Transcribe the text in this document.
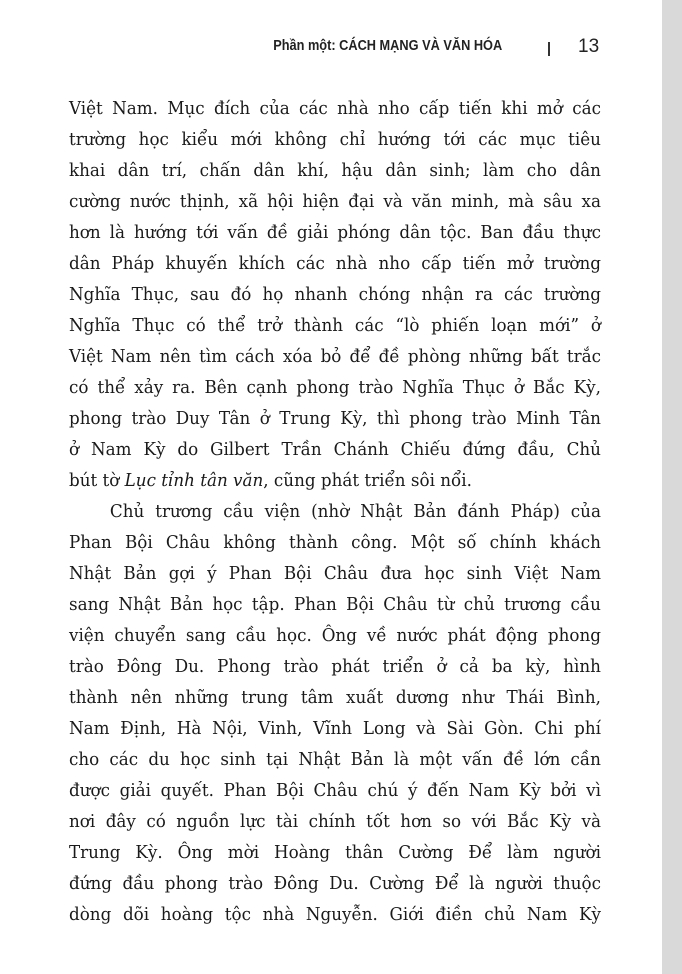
Phần một: CÁCH MẠNG VÀ VĂN HÓA	13
Việt Nam. Mục đích của các nhà nho cấp tiến khi mở các
trường học kiểu mới không chỉ hướng tới các mục tiêu
khai dân trí, chấn dân khí, hậu dân sinh; làm cho dân
cường nước thịnh, xã hội hiện đại và văn minh, mà sâu xa
hơn là hướng tới vấn đề giải phóng dân tộc. Ban đầu thực
dân Pháp khuyến khích các nhà nho cấp tiến mở trường
Nghĩa Thục, sau đó họ nhanh chóng nhận ra các trường
Nghĩa Thục có thể trở thành các “lò phiến loạn mới” ở
Việt Nam nên tìm cách xóa bỏ để đề phòng những bất trắc
có thể xảy ra. Bên cạnh phong trào Nghĩa Thục ở Bắc Kỳ,
phong trào Duy Tân ở Trung Kỳ, thì phong trào Minh Tân
ở Nam Kỳ do Gilbert Trần Chánh Chiếu đứng đầu, Chủ
bút tờ Lục tỉnh tân văn, cũng phát triển sôi nổi.
Chủ trương cầu viện (nhờ Nhật Bản đánh Pháp) của
Phan Bội Châu không thành công. Một số chính khách
Nhật Bản gợi ý Phan Bội Châu đưa học sinh Việt Nam
sang Nhật Bản học tập. Phan Bội Châu từ chủ trương cầu
viện chuyển sang cầu học. Ông về nước phát động phong
trào Đông Du. Phong trào phát triển ở cả ba kỳ, hình
thành nên những trung tâm xuất dương như Thái Bình,
Nam Định, Hà Nội, Vinh, Vĩnh Long và Sài Gòn. Chi phí
cho các du học sinh tại Nhật Bản là một vấn đề lớn cần
được giải quyết. Phan Bội Châu chú ý đến Nam Kỳ bởi vì
nơi đây có nguồn lực tài chính tốt hơn so với Bắc Kỳ và
Trung Kỳ. Ông mời Hoàng thân Cường Để làm người
đứng đầu phong trào Đông Du. Cường Để là người thuộc
dòng dõi hoàng tộc nhà Nguyễn. Giới điền chủ Nam Kỳ
